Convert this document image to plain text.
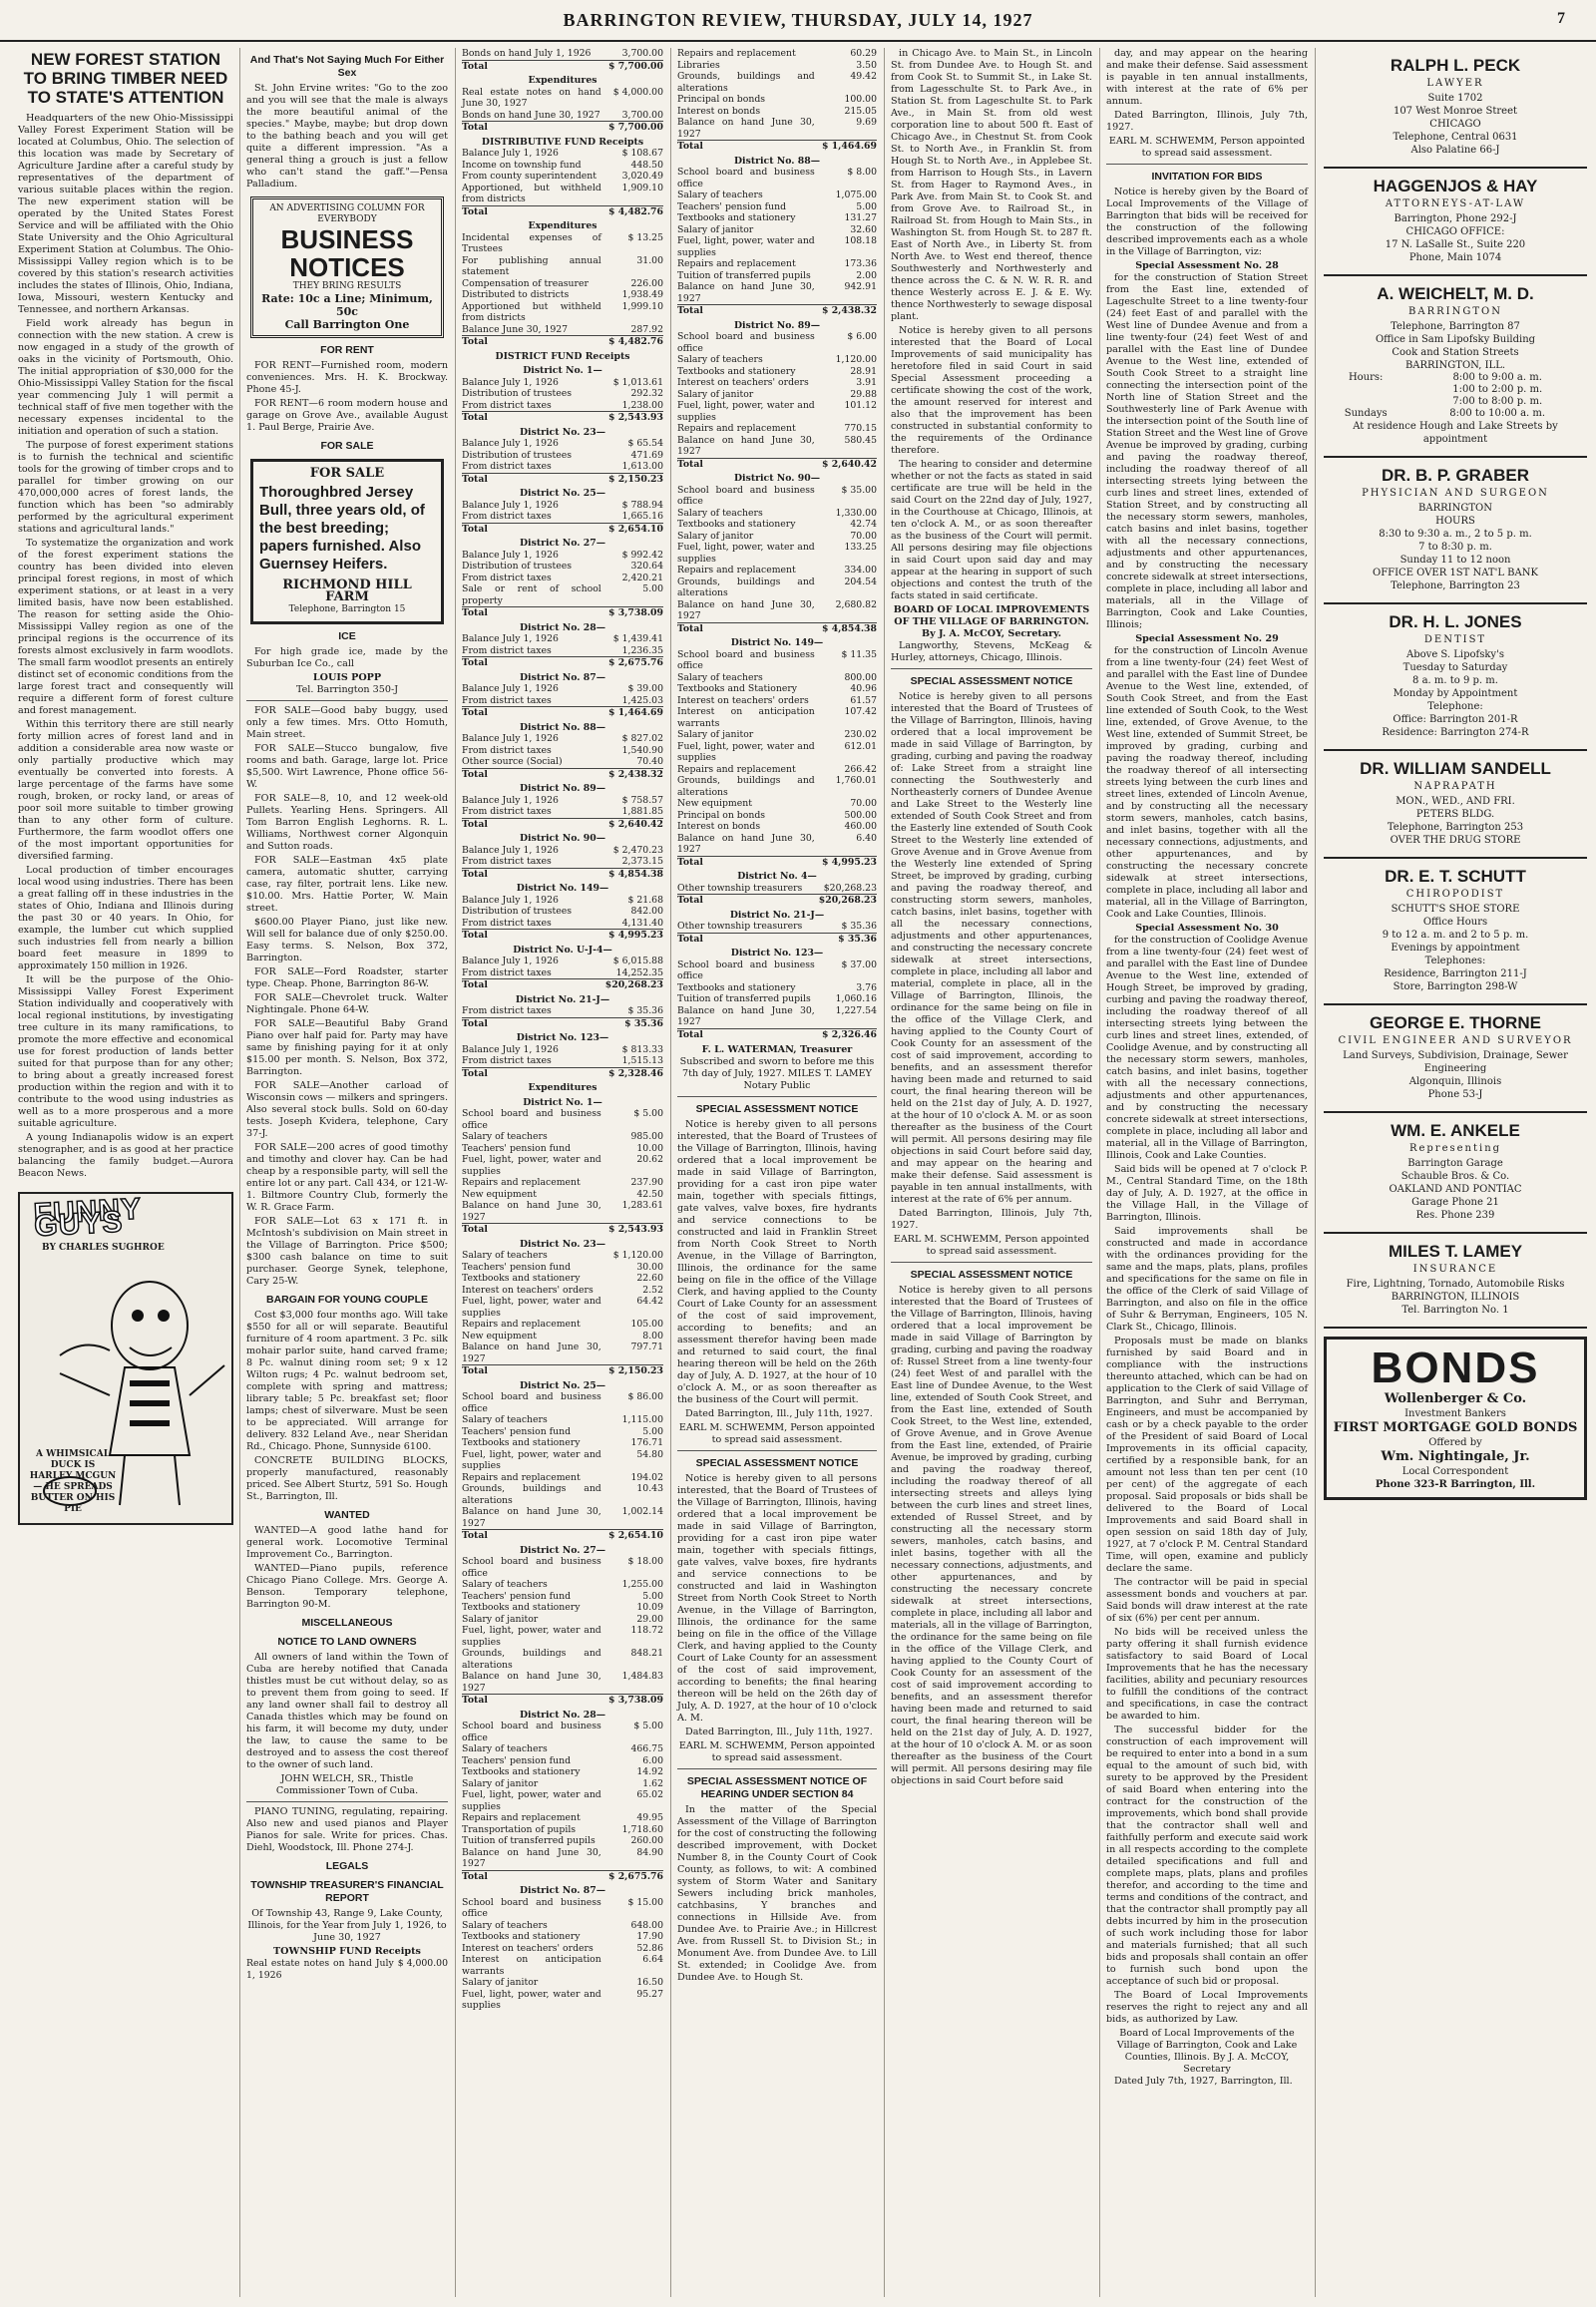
BARRINGTON REVIEW, THURSDAY, JULY 14, 1927	7
NEW FOREST STATION TO BRING TIMBER NEED TO STATE'S ATTENTION

Headquarters of the new Ohio-Mississippi Valley Forest Experiment Station will be located at Columbus, Ohio. The selection of this location was made by Secretary of Agriculture Jardine after a careful study by representatives of the department of various suitable places within the region. The new experiment station will be operated by the United States Forest Service and will be affiliated with the Ohio State University and the Ohio Agricultural Experiment Station at Columbus. The Ohio-Mississippi Valley region which is to be covered by this station's research activities includes the states of Illinois, Ohio, Indiana, Iowa, Missouri, western Kentucky and Tennessee, and northern Arkansas.

Field work already has begun in connection with the new station. A crew is now engaged in a study of the growth of oaks in the vicinity of Portsmouth, Ohio. The initial appropriation of $30,000 for the Ohio-Mississippi Valley Station for the fiscal year commencing July 1 will permit a technical staff of five men together with the necessary expenses incidental to the initiation and operation of such a station.

The purpose of forest experiment stations is to furnish the technical and scientific tools for the growing of timber crops and to parallel for timber growing on our 470,000,000 acres of forest lands, the function which has been "so admirably performed by the agricultural experiment stations and agricultural lands."

To systematize the organization and work of the forest experiment stations the country has been divided into eleven principal forest regions, in most of which experiment stations, or at least in a very limited basis, have now been established. The reason for setting aside the Ohio-Mississippi Valley region as one of the principal regions is the occurrence of its forests almost exclusively in farm woodlots. The small farm woodlot presents an entirely distinct set of economic conditions from the large forest tract and consequently will require a different form of forest culture and forest management.

Within this territory there are still nearly forty million acres of forest land and in addition a considerable area now waste or only partially productive which may eventually be converted into forests. A large percentage of the farms have some rough, broken, or rocky land, or areas of poor soil more suitable to timber growing than to any other form of culture. Furthermore, the farm woodlot offers one of the most important opportunities for diversified farming.

Local production of timber encourages local wood using industries. There has been a great falling off in these industries in the states of Ohio, Indiana and Illinois during the past 30 or 40 years. In Ohio, for example, the lumber cut which supplied such industries fell from nearly a billion board feet measure in 1899 to approximately 150 million in 1926.

It will be the purpose of the Ohio-Mississippi Valley Forest Experiment Station individually and cooperatively with local regional institutions, by investigating tree culture in its many ramifications, to promote the more effective and economical use for forest production of lands better suited for that purpose than for any other; to bring about a greatly increased forest production within the region and with it to contribute to the wood using industries as well as to a more prosperous and a more suitable agriculture.

A young Indianapolis widow is an expert stenographer, and is as good at her practice balancing the family budget.—Aurora Beacon News.

FUNNY GUYS
BY CHARLES SUGHROE
A WHIMSICAL DUCK IS HARLEY MCGUN — HE SPREADS BUTTER ON HIS PIE
And That's Not Saying Much For Either Sex

St. John Ervine writes: "Go to the zoo and you will see that the male is always the more beautiful animal of the species." Maybe, maybe; but drop down to the bathing beach and you will get quite a different impression. "As a general thing a grouch is just a fellow who can't stand the gaff."—Pensa Palladium.

AN ADVERTISING COLUMN FOR EVERYBODY
BUSINESS NOTICES
THEY BRING RESULTS
Rate: 10c a Line; Minimum, 50c
Call Barrington One
FOR RENT

FOR RENT—Furnished room, modern conveniences. Mrs. H. K. Brockway. Phone 45-J.

FOR RENT—6 room modern house and garage on Grove Ave., available August 1. Paul Berge, Prairie Ave.

FOR SALE
FOR SALE
Thoroughbred Jersey Bull, three years old, of the best breeding; papers furnished. Also Guernsey Heifers.
RICHMOND HILL FARM
Telephone, Barrington 15
ICE

For high grade ice, made by the Suburban Ice Co., call

LOUIS POPP
Tel. Barrington 350-J

FOR SALE—Good baby buggy, used only a few times. Mrs. Otto Homuth, Main street.

FOR SALE—Stucco bungalow, five rooms and bath. Garage, large lot. Price $5,500. Wirt Lawrence, Phone office 56-W.

FOR SALE—8, 10, and 12 week-old Pullets. Yearling Hens. Springers. All Tom Barron English Leghorns. R. L. Williams, Northwest corner Algonquin and Sutton roads.

FOR SALE—Eastman 4x5 plate camera, automatic shutter, carrying case, ray filter, portrait lens. Like new. $10.00. Mrs. Hattie Porter, W. Main street.

$600.00 Player Piano, just like new. Will sell for balance due of only $250.00. Easy terms. S. Nelson, Box 372, Barrington.

FOR SALE—Ford Roadster, starter type. Cheap. Phone, Barrington 86-W.

FOR SALE—Chevrolet truck. Walter Nightingale. Phone 64-W.

FOR SALE—Beautiful Baby Grand Piano over half paid for. Party may have same by finishing paying for it at only $15.00 per month. S. Nelson, Box 372, Barrington.

FOR SALE—Another carload of Wisconsin cows — milkers and springers. Also several stock bulls. Sold on 60-day tests. Joseph Kvidera, telephone, Cary 37-J.

FOR SALE—200 acres of good timothy and timothy and clover hay. Can be had cheap by a responsible party, will sell the entire lot or any part. Call 434, or 121-W-1. Biltmore Country Club, formerly the W. R. Grace Farm.

FOR SALE—Lot 63 x 171 ft. in McIntosh's subdivision on Main street in the Village of Barrington. Price $500; $300 cash balance on time to suit purchaser. George Synek, telephone, Cary 25-W.

BARGAIN FOR YOUNG COUPLE

Cost $3,000 four months ago. Will take $550 for all or will separate. Beautiful furniture of 4 room apartment. 3 Pc. silk mohair parlor suite, hand carved frame; 8 Pc. walnut dining room set; 9 x 12 Wilton rugs; 4 Pc. walnut bedroom set, complete with spring and mattress; library table; 5 Pc. breakfast set; floor lamps; chest of silverware. Must be seen to be appreciated. Will arrange for delivery. 832 Leland Ave., near Sheridan Rd., Chicago. Phone, Sunnyside 6100.

CONCRETE BUILDING BLOCKS, properly manufactured, reasonably priced. See Albert Sturtz, 591 So. Hough St., Barrington, Ill.

WANTED

WANTED—A good lathe hand for general work. Locomotive Terminal Improvement Co., Barrington.

WANTED—Piano pupils, reference Chicago Piano College. Mrs. George A. Benson. Temporary telephone, Barrington 90-M.

MISCELLANEOUS
NOTICE TO LAND OWNERS

All owners of land within the Town of Cuba are hereby notified that Canada thistles must be cut without delay, so as to prevent them from going to seed. If any land owner shall fail to destroy all Canada thistles which may be found on his farm, it will become my duty, under the law, to cause the same to be destroyed and to assess the cost thereof to the owner of such land.

JOHN WELCH, SR., Thistle Commissioner Town of Cuba.

PIANO TUNING, regulating, repairing. Also new and used pianos and Player Pianos for sale. Write for prices. Chas. Diehl, Woodstock, Ill. Phone 274-J.

LEGALS
TOWNSHIP TREASURER'S FINANCIAL REPORT

Of Township 43, Range 9, Lake County, Illinois, for the Year from July 1, 1926, to June 30, 1927

TOWNSHIP FUND Receipts
Real estate notes on hand July 1, 1926	$ 4,000.00
Bonds on hand July 1, 1926	3,700.00
Total	$ 7,700.00
Expenditures	
Real estate notes on hand June 30, 1927	$ 4,000.00
Bonds on hand June 30, 1927	3,700.00
Total	$ 7,700.00
DISTRIBUTIVE FUND Receipts	
Balance July 1, 1926	$ 108.67
Income on township fund	448.50
From county superintendent	3,020.49
Apportioned, but withheld from districts	1,909.10
Total	$ 4,482.76
Expenditures	
Incidental expenses of Trustees	$ 13.25
For publishing annual statement	31.00
Compensation of treasurer	226.00
Distributed to districts	1,938.49
Apportioned but withheld from districts	1,999.10
Balance June 30, 1927	287.92
Total	$ 4,482.76
DISTRICT FUND Receipts	
District No. 1—	
Balance July 1, 1926	$ 1,013.61
Distribution of trustees	292.32
From district taxes	1,238.00
Total	$ 2,543.93
District No. 23—	
Balance July 1, 1926	$ 65.54
Distribution of trustees	471.69
From district taxes	1,613.00
Total	$ 2,150.23
District No. 25—	
Balance July 1, 1926	$ 788.94
From district taxes	1,665.16
Total	$ 2,654.10
District No. 27—	
Balance July 1, 1926	$ 992.42
Distribution of trustees	320.64
From district taxes	2,420.21
Sale or rent of school property	5.00
Total	$ 3,738.09
District No. 28—	
Balance July 1, 1926	$ 1,439.41
From district taxes	1,236.35
Total	$ 2,675.76
District No. 87—	
Balance July 1, 1926	$ 39.00
From district taxes	1,425.03
Total	$ 1,464.69
District No. 88—	
Balance July 1, 1926	$ 827.02
From district taxes	1,540.90
Other source (Social)	70.40
Total	$ 2,438.32
District No. 89—	
Balance July 1, 1926	$ 758.57
From district taxes	1,881.85
Total	$ 2,640.42
District No. 90—	
Balance July 1, 1926	$ 2,470.23
From district taxes	2,373.15
Total	$ 4,854.38
District No. 149—	
Balance July 1, 1926	$ 21.68
Distribution of trustees	842.00
From district taxes	4,131.40
Total	$ 4,995.23
District No. U-J-4—	
Balance July 1, 1926	$ 6,015.88
From district taxes	14,252.35
Total	$20,268.23
District No. 21-J—	
From district taxes	$ 35.36
Total	$ 35.36
District No. 123—	
Balance July 1, 1926	$ 813.33
From district taxes	1,515.13
Total	$ 2,328.46
Expenditures	
District No. 1—	
School board and business office	$ 5.00
Salary of teachers	985.00
Teachers' pension fund	10.00
Fuel, light, power, water and supplies	20.62
Repairs and replacement	237.90
New equipment	42.50
Balance on hand June 30, 1927	1,283.61
Total	$ 2,543.93
District No. 23—	
Salary of teachers	$ 1,120.00
Teachers' pension fund	30.00
Textbooks and stationery	22.60
Interest on teachers' orders	2.52
Fuel, light, power, water and supplies	64.42
Repairs and replacement	105.00
New equipment	8.00
Balance on hand June 30, 1927	797.71
Total	$ 2,150.23
District No. 25—	
School board and business office	$ 86.00
Salary of teachers	1,115.00
Teachers' pension fund	5.00
Textbooks and stationery	176.71
Fuel, light, power, water and supplies	54.80
Repairs and replacement	194.02
Grounds, buildings and alterations	10.43
Balance on hand June 30, 1927	1,002.14
Total	$ 2,654.10
District No. 27—	
School board and business office	$ 18.00
Salary of teachers	1,255.00
Teachers' pension fund	5.00
Textbooks and stationery	10.09
Salary of janitor	29.00
Fuel, light, power, water and supplies	118.72
Grounds, buildings and alterations	848.21
Balance on hand June 30, 1927	1,484.83
Total	$ 3,738.09
District No. 28—	
School board and business office	$ 5.00
Salary of teachers	466.75
Teachers' pension fund	6.00
Textbooks and stationery	14.92
Salary of janitor	1.62
Fuel, light, power, water and supplies	65.02
Repairs and replacement	49.95
Transportation of pupils	1,718.60
Tuition of transferred pupils	260.00
Balance on hand June 30, 1927	84.90
Total	$ 2,675.76
District No. 87—	
School board and business office	$ 15.00
Salary of teachers	648.00
Textbooks and stationery	17.90
Interest on teachers' orders	52.86
Interest on anticipation warrants	6.64
Salary of janitor	16.50
Fuel, light, power, water and supplies	95.27
Repairs and replacement	60.29
Libraries	3.50
Grounds, buildings and alterations	49.42
Principal on bonds	100.00
Interest on bonds	215.05
Balance on hand June 30, 1927	9.69
Total	$ 1,464.69
District No. 88—	
School board and business office	$ 8.00
Salary of teachers	1,075.00
Teachers' pension fund	5.00
Textbooks and stationery	131.27
Salary of janitor	32.60
Fuel, light, power, water and supplies	108.18
Repairs and replacement	173.36
Tuition of transferred pupils	2.00
Balance on hand June 30, 1927	942.91
Total	$ 2,438.32
District No. 89—	
School board and business office	$ 6.00
Salary of teachers	1,120.00
Textbooks and stationery	28.91
Interest on teachers' orders	3.91
Salary of janitor	29.88
Fuel, light, power, water and supplies	101.12
Repairs and replacement	770.15
Balance on hand June 30, 1927	580.45
Total	$ 2,640.42
District No. 90—	
School board and business office	$ 35.00
Salary of teachers	1,330.00
Textbooks and stationery	42.74
Salary of janitor	70.00
Fuel, light, power, water and supplies	133.25
Repairs and replacement	334.00
Grounds, buildings and alterations	204.54
Balance on hand June 30, 1927	2,680.82
Total	$ 4,854.38
District No. 149—	
School board and business office	$ 11.35
Salary of teachers	800.00
Textbooks and Stationery	40.96
Interest on teachers' orders	61.57
Interest on anticipation warrants	107.42
Salary of janitor	230.02
Fuel, light, power, water and supplies	612.01
Repairs and replacement	266.42
Grounds, buildings and alterations	1,760.01
New equipment	70.00
Principal on bonds	500.00
Interest on bonds	460.00
Balance on hand June 30, 1927	6.40
Total	$ 4,995.23
District No. 4—	
Other township treasurers	$20,268.23
Total	$20,268.23
District No. 21-J—	
Other township treasurers	$ 35.36
Total	$ 35.36
District No. 123—	
School board and business office	$ 37.00
Textbooks and stationery	3.76
Tuition of transferred pupils	1,060.16
Balance on hand June 30, 1927	1,227.54
Total	$ 2,326.46
F. L. WATERMAN, Treasurer

Subscribed and sworn to before me this 7th day of July, 1927. MILES T. LAMEY Notary Public

SPECIAL ASSESSMENT NOTICE

Notice is hereby given to all persons interested, that the Board of Trustees of the Village of Barrington, Illinois, having ordered that a local improvement be made in said Village of Barrington, providing for a cast iron pipe water main, together with specials fittings, gate valves, valve boxes, fire hydrants and service connections to be constructed and laid in Franklin Street from North Cook Street to North Avenue, in the Village of Barrington, Illinois, the ordinance for the same being on file in the office of the Village Clerk, and having applied to the County Court of Lake County for an assessment of the cost of said improvement, according to benefits; and an assessment therefor having been made and returned to said court, the final hearing thereon will be held on the 26th day of July, A. D. 1927, at the hour of 10 o'clock A. M., or as soon thereafter as the business of the Court will permit.

Dated Barrington, Ill., July 11th, 1927.

EARL M. SCHWEMM, Person appointed to spread said assessment.
SPECIAL ASSESSMENT NOTICE

Notice is hereby given to all persons interested, that the Board of Trustees of the Village of Barrington, Illinois, having ordered that a local improvement be made in said Village of Barrington, providing for a cast iron pipe water main, together with specials fittings, gate valves, valve boxes, fire hydrants and service connections to be constructed and laid in Washington Street from North Cook Street to North Avenue, in the Village of Barrington, Illinois, the ordinance for the same being on file in the office of the Village Clerk, and having applied to the County Court of Lake County for an assessment of the cost of said improvement, according to benefits; the final hearing thereon will be held on the 26th day of July, A. D. 1927, at the hour of 10 o'clock A. M.

Dated Barrington, Ill., July 11th, 1927.

EARL M. SCHWEMM, Person appointed to spread said assessment.
SPECIAL ASSESSMENT NOTICE OF HEARING UNDER SECTION 84

In the matter of the Special Assessment of the Village of Barrington for the cost of constructing the following described improvement, with Docket Number 8, in the County Court of Cook County, as follows, to wit: A combined system of Storm Water and Sanitary Sewers including brick manholes, catchbasins, Y branches and connections in Hillside Ave. from Dundee Ave. to Prairie Ave.; in Hillcrest Ave. from Russell St. to Division St.; in Monument Ave. from Dundee Ave. to Lill St. extended; in Coolidge Ave. from Dundee Ave. to Hough St.

in Chicago Ave. to Main St., in Lincoln St. from Dundee Ave. to Hough St. and from Cook St. to Summit St., in Lake St. from Lagesschulte St. to Park Ave., in Station St. from Lageschulte St. to Park Ave., in Main St. from old west corporation line to about 500 ft. East of Chicago Ave., in Chestnut St. from Cook St. to North Ave., in Franklin St. from Hough St. to North Ave., in Applebee St. from Harrison to Hough Sts., in Lavern St. from Hager to Raymond Aves., in Park Ave. from Main St. to Cook St. and from Grove Ave. to Railroad St., in Railroad St. from Hough to Main Sts., in Washington St. from Hough St. to 287 ft. East of North Ave., in Liberty St. from North Ave. to West end thereof, thence Southwesterly and Northwesterly and thence across the C. & N. W. R. R. and thence Westerly across E. J. & E. Wy. thence Northwesterly to sewage disposal plant.

Notice is hereby given to all persons interested that the Board of Local Improvements of said municipality has heretofore filed in said Court in said Special Assessment proceeding a certificate showing the cost of the work, the amount reserved for interest and also that the improvement has been constructed in substantial conformity to the requirements of the Ordinance therefore.

The hearing to consider and determine whether or not the facts as stated in said certificate are true will be held in the said Court on the 22nd day of July, 1927, in the Courthouse at Chicago, Illinois, at ten o'clock A. M., or as soon thereafter as the business of the Court will permit. All persons desiring may file objections in said Court upon said day and may appear at the hearing in support of such objections and contest the truth of the facts stated in said certificate.

BOARD OF LOCAL IMPROVEMENTS OF THE VILLAGE OF BARRINGTON. By J. A. McCOY, Secretary.

Langworthy, Stevens, McKeag & Hurley, attorneys, Chicago, Illinois.

SPECIAL ASSESSMENT NOTICE

Notice is hereby given to all persons interested that the Board of Trustees of the Village of Barrington, Illinois, having ordered that a local improvement be made in said Village of Barrington, by grading, curbing and paving the roadway of: Lake Street from a straight line connecting the Southwesterly and Northeasterly corners of Dundee Avenue and Lake Street to the Westerly line extended of South Cook Street and from the Easterly line extended of South Cook Street to the Westerly line extended of Grove Avenue and in Grove Avenue from the Westerly line extended of Spring Street, be improved by grading, curbing and paving the roadway thereof, and constructing storm sewers, manholes, catch basins, inlet basins, together with all the necessary connections, adjustments and other appurtenances, and constructing the necessary concrete sidewalk at street intersections, complete in place, including all labor and material, complete in place, all in the Village of Barrington, Illinois, the ordinance for the same being on file in the office of the Village Clerk, and having applied to the County Court of Cook County for an assessment of the cost of said improvement, according to benefits, and an assessment therefor having been made and returned to said court, the final hearing thereon will be held on the 21st day of July, A. D. 1927, at the hour of 10 o'clock A. M. or as soon thereafter as the business of the Court will permit. All persons desiring may file objections in said Court before said day, and may appear on the hearing and make their defense. Said assessment is payable in ten annual installments, with interest at the rate of 6% per annum.

Dated Barrington, Illinois, July 7th, 1927.

EARL M. SCHWEMM, Person appointed to spread said assessment.
SPECIAL ASSESSMENT NOTICE

Notice is hereby given to all persons interested that the Board of Trustees of the Village of Barrington, Illinois, having ordered that a local improvement be made in said Village of Barrington by grading, curbing and paving the roadway of: Russel Street from a line twenty-four (24) feet West of and parallel with the East line of Dundee Avenue, to the West line, extended of South Cook Street, and from the East line, extended of South Cook Street, to the West line, extended, of Grove Avenue, and in Grove Avenue from the East line, extended, of Prairie Avenue, be improved by grading, curbing and paving the roadway thereof, including the roadway thereof of all intersecting streets and alleys lying between the curb lines and street lines, extended of Russel Street, and by constructing all the necessary storm sewers, manholes, catch basins, and inlet basins, together with all the necessary connections, adjustments, and other appurtenances, and by constructing the necessary concrete sidewalk at street intersections, complete in place, including all labor and materials, all in the village of Barrington, the ordinance for the same being on file in the office of the Village Clerk, and having applied to the County Court of Cook County for an assessment of the cost of said improvement according to benefits, and an assessment therefor having been made and returned to said court, the final hearing thereon will be held on the 21st day of July, A. D. 1927, at the hour of 10 o'clock A. M. or as soon thereafter as the business of the Court will permit. All persons desiring may file objections in said Court before said

day, and may appear on the hearing and make their defense. Said assessment is payable in ten annual installments, with interest at the rate of 6% per annum.

Dated Barrington, Illinois, July 7th, 1927.

EARL M. SCHWEMM, Person appointed to spread said assessment.
INVITATION FOR BIDS

Notice is hereby given by the Board of Local Improvements of the Village of Barrington that bids will be received for the construction of the following described improvements each as a whole in the Village of Barrington, viz:

Special Assessment No. 28

for the construction of Station Street from the East line, extended of Lageschulte Street to a line twenty-four (24) feet East of and parallel with the West line of Dundee Avenue and from a line twenty-four (24) feet West of and parallel with the East line of Dundee Avenue to the West line, extended of South Cook Street to a straight line connecting the intersection point of the North line of Station Street and the Southwesterly line of Park Avenue with the intersection point of the South line of Station Street and the West line of Grove Avenue be improved by grading, curbing and paving the roadway thereof, including the roadway thereof of all intersecting streets lying between the curb lines and street lines, extended of Station Street, and by constructing all the necessary storm sewers, manholes, catch basins and inlet basins, together with all the necessary connections, adjustments and other appurtenances, and by constructing the necessary concrete sidewalk at street intersections, complete in place, including all labor and materials, all in the Village of Barrington, Cook and Lake Counties, Illinois;

Special Assessment No. 29

for the construction of Lincoln Avenue from a line twenty-four (24) feet West of and parallel with the East line of Dundee Avenue to the West line, extended, of South Cook Street, and from the East line extended of South Cook, to the West line, extended, of Grove Avenue, to the West line, extended of Summit Street, be improved by grading, curbing and paving the roadway thereof, including the roadway thereof of all intersecting streets lying between the curb lines and street lines, extended of Lincoln Avenue, and by constructing all the necessary storm sewers, manholes, catch basins, and inlet basins, together with all the necessary connections, adjustments, and other appurtenances, and by constructing the necessary concrete sidewalk at street intersections, complete in place, including all labor and material, all in the Village of Barrington, Cook and Lake Counties, Illinois.

Special Assessment No. 30

for the construction of Coolidge Avenue from a line twenty-four (24) feet west of and parallel with the East line of Dundee Avenue to the West line, extended of Hough Street, be improved by grading, curbing and paving the roadway thereof, including the roadway thereof of all intersecting streets lying between the curb lines and street lines, extended, of Coolidge Avenue, and by constructing all the necessary storm sewers, manholes, catch basins, and inlet basins, together with all the necessary connections, adjustments and other appurtenances, and by constructing the necessary concrete sidewalk at street intersections, complete in place, including all labor and material, all in the Village of Barrington, Illinois, Cook and Lake Counties.

Said bids will be opened at 7 o'clock P. M., Central Standard Time, on the 18th day of July, A. D. 1927, at the office in the Village Hall, in the Village of Barrington, Illinois.

Said improvements shall be constructed and made in accordance with the ordinances providing for the same and the maps, plats, plans, profiles and specifications for the same on file in the office of the Clerk of said Village of Barrington, and also on file in the office of Suhr & Berryman, Engineers, 105 N. Clark St., Chicago, Illinois.

Proposals must be made on blanks furnished by said Board and in compliance with the instructions thereunto attached, which can be had on application to the Clerk of said Village of Barrington, and Suhr and Berryman, Engineers, and must be accompanied by cash or by a check payable to the order of the President of said Board of Local Improvements in its official capacity, certified by a responsible bank, for an amount not less than ten per cent (10 per cent) of the aggregate of each proposal. Said proposals or bids shall be delivered to the Board of Local Improvements and said Board shall in open session on said 18th day of July, 1927, at 7 o'clock P. M. Central Standard Time, will open, examine and publicly declare the same.

The contractor will be paid in special assessment bonds and vouchers at par. Said bonds will draw interest at the rate of six (6%) per cent per annum.

No bids will be received unless the party offering it shall furnish evidence satisfactory to said Board of Local Improvements that he has the necessary facilities, ability and pecuniary resources to fulfill the conditions of the contract and specifications, in case the contract be awarded to him.

The successful bidder for the construction of each improvement will be required to enter into a bond in a sum equal to the amount of such bid, with surety to be approved by the President of said Board when entering into the contract for the construction of the improvements, which bond shall provide that the contractor shall well and faithfully perform and execute said work in all respects according to the complete detailed specifications and full and complete maps, plats, plans and profiles therefor, and according to the time and terms and conditions of the contract, and that the contractor shall promptly pay all debts incurred by him in the prosecution of such work including those for labor and materials furnished; that all such bids and proposals shall contain an offer to furnish such bond upon the acceptance of such bid or proposal.

The Board of Local Improvements reserves the right to reject any and all bids, as authorized by Law.

Board of Local Improvements of the Village of Barrington, Cook and Lake Counties, Illinois. By J. A. McCOY, Secretary

Dated July 7th, 1927, Barrington, Ill.

RALPH L. PECK
LAWYER
Suite 1702
107 West Monroe Street
CHICAGO
Telephone, Central 0631
Also Palatine 66-J
HAGGENJOS & HAY
ATTORNEYS-AT-LAW
Barrington, Phone 292-J
CHICAGO OFFICE:
17 N. LaSalle St., Suite 220
Phone, Main 1074
A. WEICHELT, M. D.
BARRINGTON
Telephone, Barrington 87
Office in Sam Lipofsky Building
Cook and Station Streets
BARRINGTON, ILL.
Hours:	8:00 to 9:00 a. m.
	1:00 to 2:00 p. m.
	7:00 to 8:00 p. m.
Sundays	8:00 to 10:00 a. m.
At residence Hough and Lake Streets by appointment
DR. B. P. GRABER
PHYSICIAN AND SURGEON
BARRINGTON
HOURS
8:30 to 9:30 a. m., 2 to 5 p. m.
7 to 8:30 p. m.
Sunday 11 to 12 noon
OFFICE OVER 1ST NAT'L BANK
Telephone, Barrington 23
DR. H. L. JONES
DENTIST
Above S. Lipofsky's
Tuesday to Saturday
8 a. m. to 9 p. m.
Monday by Appointment
Telephone:
Office: Barrington 201-R
Residence: Barrington 274-R
DR. WILLIAM SANDELL
NAPRAPATH
MON., WED., AND FRI.
PETERS BLDG.
Telephone, Barrington 253
OVER THE DRUG STORE
DR. E. T. SCHUTT
CHIROPODIST
SCHUTT'S SHOE STORE
Office Hours
9 to 12 a. m. and 2 to 5 p. m.
Evenings by appointment
Telephones:
Residence, Barrington 211-J
Store, Barrington 298-W
GEORGE E. THORNE
CIVIL ENGINEER AND SURVEYOR
Land Surveys, Subdivision, Drainage, Sewer Engineering
Algonquin, Illinois
Phone 53-J
WM. E. ANKELE
Representing
Barrington Garage
Schauble Bros. & Co.
OAKLAND AND PONTIAC
Garage Phone 21
Res. Phone 239
MILES T. LAMEY
INSURANCE
Fire, Lightning, Tornado, Automobile Risks
BARRINGTON, ILLINOIS
Tel. Barrington No. 1
BONDS
Wollenberger & Co.
Investment Bankers
FIRST MORTGAGE GOLD BONDS
Offered by
Wm. Nightingale, Jr.
Local Correspondent
Phone 323-R Barrington, Ill.
